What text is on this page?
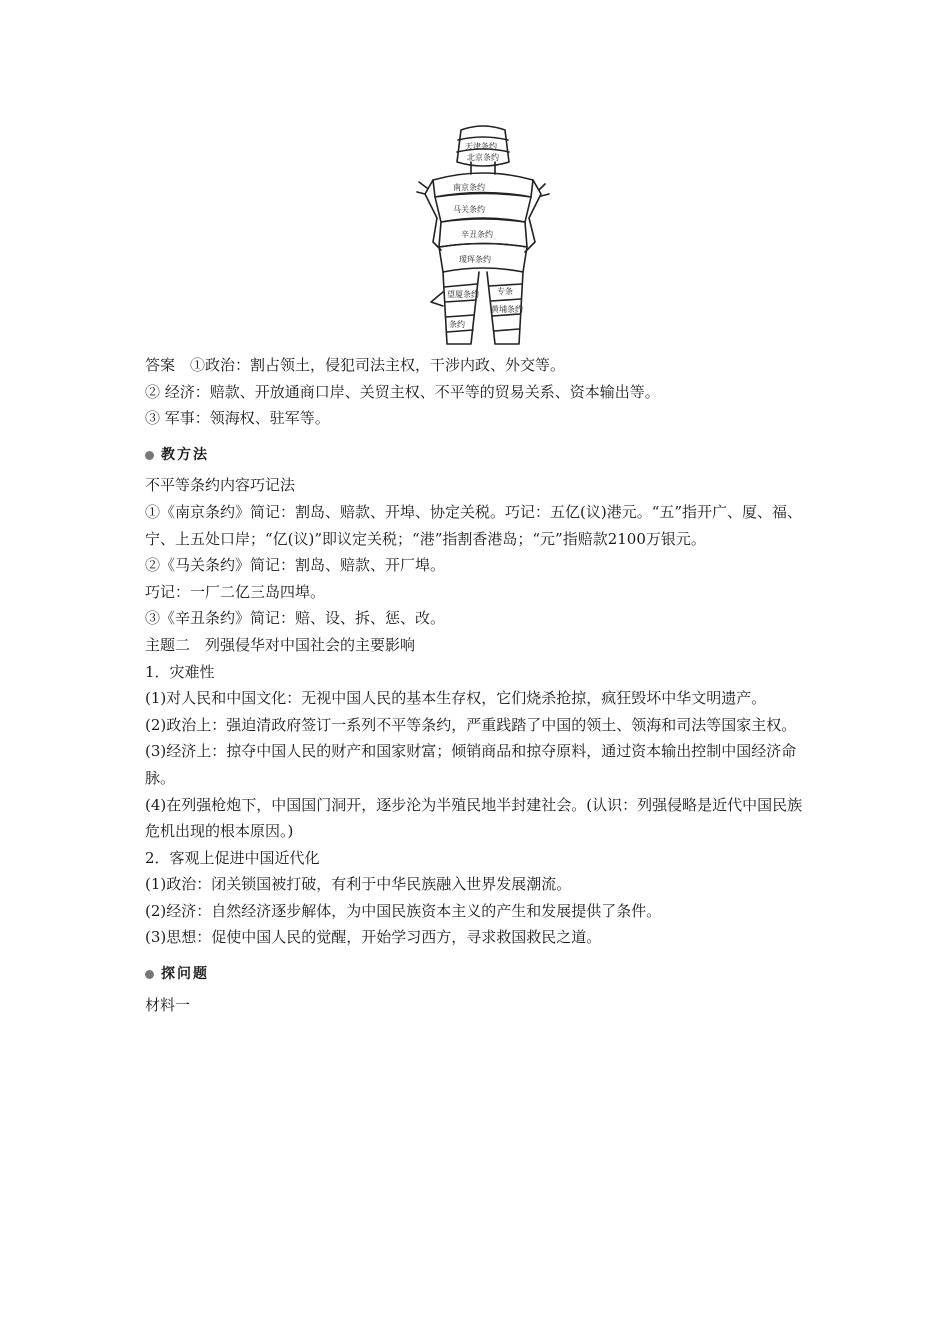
天津条约
北京条约
辛丑条约
马关条约
南京条约
瑷珲条约
望厦条约
黄埔条约
条约
专条
答案　①政治：割占领土，侵犯司法主权，干涉内政、外交等。
② 经济：赔款、开放通商口岸、关贸主权、不平等的贸易关系、资本输出等。
③ 军事：领海权、驻军等。
教方法
不平等条约内容巧记法
①《南京条约》简记：割岛、赔款、开埠、协定关税。巧记：五亿(议)港元。“五”指开广、厦、福、宁、上五处口岸；“亿(议)”即议定关税；“港”指割香港岛；“元”指赔款2100万银元。
②《马关条约》简记：割岛、赔款、开厂埠。
巧记：一厂二亿三岛四埠。
③《辛丑条约》简记：赔、设、拆、惩、改。
主题二　列强侵华对中国社会的主要影响
1．灾难性
(1)对人民和中国文化：无视中国人民的基本生存权，它们烧杀抢掠，疯狂毁坏中华文明遗产。
(2)政治上：强迫清政府签订一系列不平等条约，严重践踏了中国的领土、领海和司法等国家主权。
(3)经济上：掠夺中国人民的财产和国家财富；倾销商品和掠夺原料，通过资本输出控制中国经济命脉。
(4)在列强枪炮下，中国国门洞开，逐步沦为半殖民地半封建社会。(认识：列强侵略是近代中国民族危机出现的根本原因。)
2．客观上促进中国近代化
(1)政治：闭关锁国被打破，有利于中华民族融入世界发展潮流。
(2)经济：自然经济逐步解体，为中国民族资本主义的产生和发展提供了条件。
(3)思想：促使中国人民的觉醒，开始学习西方，寻求救国救民之道。
探问题
材料一
